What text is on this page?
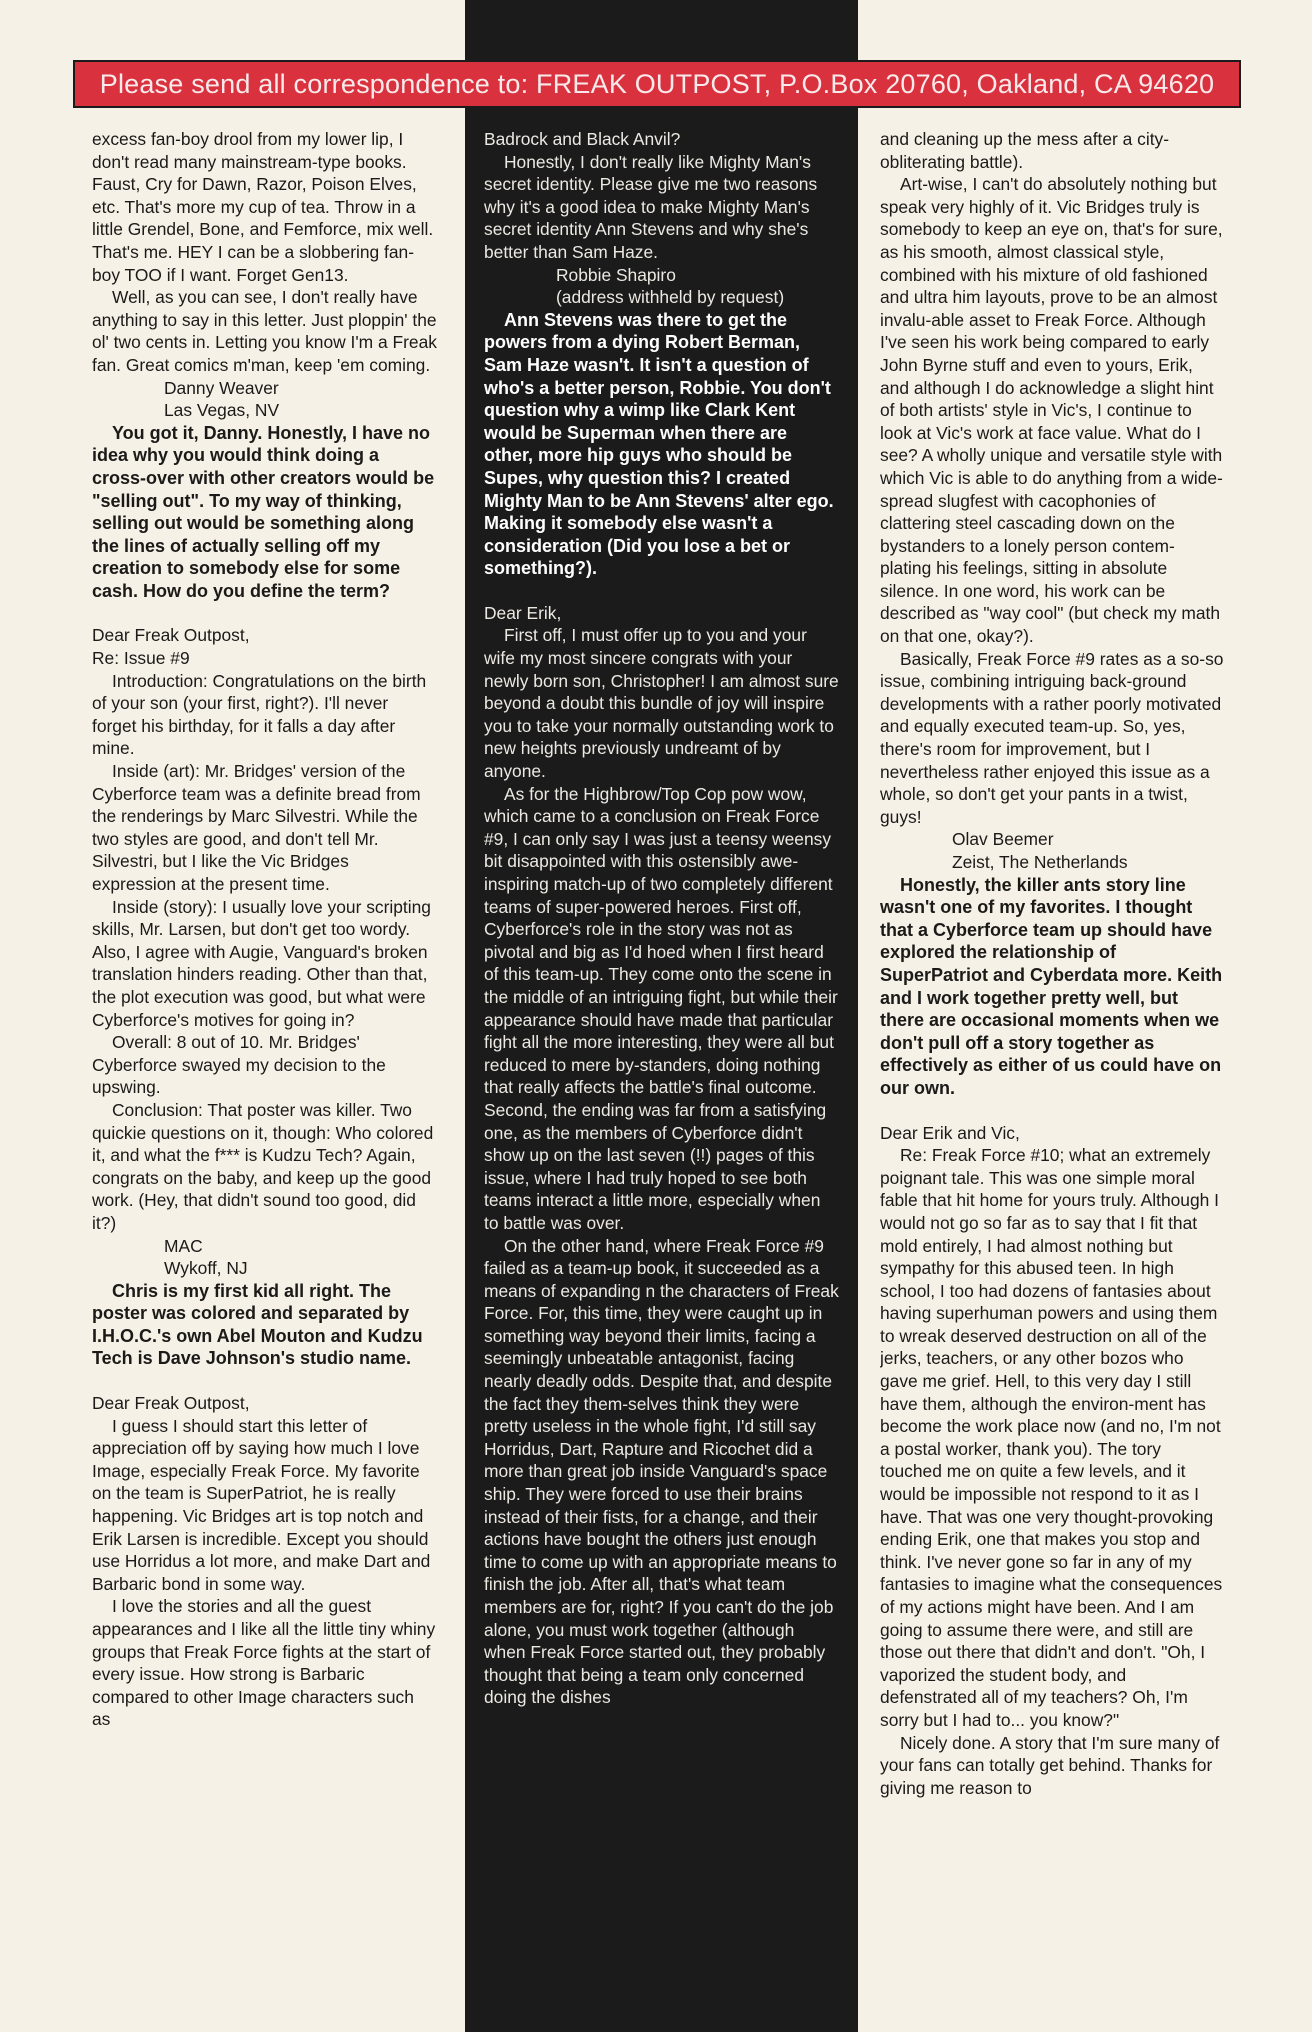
Please send all correspondence to: FREAK OUTPOST, P.O.Box 20760, Oakland, CA 94620

excess fan-boy drool from my lower lip, I don't read many mainstream-type books. Faust, Cry for Dawn, Razor, Poison Elves, etc. That's more my cup of tea. Throw in a little Grendel, Bone, and Femforce, mix well. That's me. HEY I can be a slobbering fan-boy TOO if I want. Forget Gen13.

Well, as you can see, I don't really have anything to say in this letter. Just ploppin' the ol' two cents in. Letting you know I'm a Freak fan. Great comics m'man, keep 'em coming.

Danny Weaver

Las Vegas, NV

You got it, Danny. Honestly, I have no idea why you would think doing a cross-over with other creators would be "selling out". To my way of thinking, selling out would be something along the lines of actually selling off my creation to somebody else for some cash. How do you define the term?

Dear Freak Outpost,

Re: Issue #9

Introduction: Congratulations on the birth of your son (your first, right?). I'll never forget his birthday, for it falls a day after mine.

Inside (art): Mr. Bridges' version of the Cyberforce team was a definite bread from the renderings by Marc Silvestri. While the two styles are good, and don't tell Mr. Silvestri, but I like the Vic Bridges expression at the present time.

Inside (story): I usually love your scripting skills, Mr. Larsen, but don't get too wordy. Also, I agree with Augie, Vanguard's broken translation hinders reading. Other than that, the plot execution was good, but what were Cyberforce's motives for going in?

Overall: 8 out of 10. Mr. Bridges' Cyberforce swayed my decision to the upswing.

Conclusion: That poster was killer. Two quickie questions on it, though: Who colored it, and what the f*** is Kudzu Tech? Again, congrats on the baby, and keep up the good work. (Hey, that didn't sound too good, did it?)

MAC

Wykoff, NJ

Chris is my first kid all right. The poster was colored and separated by I.H.O.C.'s own Abel Mouton and Kudzu Tech is Dave Johnson's studio name.

Dear Freak Outpost,

I guess I should start this letter of appreciation off by saying how much I love Image, especially Freak Force. My favorite on the team is SuperPatriot, he is really happening. Vic Bridges art is top notch and Erik Larsen is incredible. Except you should use Horridus a lot more, and make Dart and Barbaric bond in some way.

I love the stories and all the guest appearances and I like all the little tiny whiny groups that Freak Force fights at the start of every issue. How strong is Barbaric compared to other Image characters such as

Badrock and Black Anvil?

Honestly, I don't really like Mighty Man's secret identity. Please give me two reasons why it's a good idea to make Mighty Man's secret identity Ann Stevens and why she's better than Sam Haze.

Robbie Shapiro

(address withheld by request)

Ann Stevens was there to get the powers from a dying Robert Berman, Sam Haze wasn't. It isn't a question of who's a better person, Robbie. You don't question why a wimp like Clark Kent would be Superman when there are other, more hip guys who should be Supes, why question this? I created Mighty Man to be Ann Stevens' alter ego. Making it somebody else wasn't a consideration (Did you lose a bet or something?).

Dear Erik,

First off, I must offer up to you and your wife my most sincere congrats with your newly born son, Christopher! I am almost sure beyond a doubt this bundle of joy will inspire you to take your normally outstanding work to new heights previously undreamt of by anyone.

As for the Highbrow/Top Cop pow wow, which came to a conclusion on Freak Force #9, I can only say I was just a teensy weensy bit disappointed with this ostensibly awe-inspiring match-up of two completely different teams of super-powered heroes. First off, Cyberforce's role in the story was not as pivotal and big as I'd hoed when I first heard of this team-up. They come onto the scene in the middle of an intriguing fight, but while their appearance should have made that particular fight all the more interesting, they were all but reduced to mere by-standers, doing nothing that really affects the battle's final outcome. Second, the ending was far from a satisfying one, as the members of Cyberforce didn't show up on the last seven (!!) pages of this issue, where I had truly hoped to see both teams interact a little more, especially when to battle was over.

On the other hand, where Freak Force #9 failed as a team-up book, it succeeded as a means of expanding n the characters of Freak Force. For, this time, they were caught up in something way beyond their limits, facing a seemingly unbeatable antagonist, facing nearly deadly odds. Despite that, and despite the fact they them-selves think they were pretty useless in the whole fight, I'd still say Horridus, Dart, Rapture and Ricochet did a more than great job inside Vanguard's space ship. They were forced to use their brains instead of their fists, for a change, and their actions have bought the others just enough time to come up with an appropriate means to finish the job. After all, that's what team members are for, right? If you can't do the job alone, you must work together (although when Freak Force started out, they probably thought that being a team only concerned doing the dishes

and cleaning up the mess after a city-obliterating battle).

Art-wise, I can't do absolutely nothing but speak very highly of it. Vic Bridges truly is somebody to keep an eye on, that's for sure, as his smooth, almost classical style, combined with his mixture of old fashioned and ultra him layouts, prove to be an almost invalu-able asset to Freak Force. Although I've seen his work being compared to early John Byrne stuff and even to yours, Erik, and although I do acknowledge a slight hint of both artists' style in Vic's, I continue to look at Vic's work at face value. What do I see? A wholly unique and versatile style with which Vic is able to do anything from a wide-spread slugfest with cacophonies of clattering steel cascading down on the bystanders to a lonely person contem-plating his feelings, sitting in absolute silence. In one word, his work can be described as "way cool" (but check my math on that one, okay?).

Basically, Freak Force #9 rates as a so-so issue, combining intriguing back-ground developments with a rather poorly motivated and equally executed team-up. So, yes, there's room for improvement, but I nevertheless rather enjoyed this issue as a whole, so don't get your pants in a twist, guys!

Olav Beemer

Zeist, The Netherlands

Honestly, the killer ants story line wasn't one of my favorites. I thought that a Cyberforce team up should have explored the relationship of SuperPatriot and Cyberdata more. Keith and I work together pretty well, but there are occasional moments when we don't pull off a story together as effectively as either of us could have on our own.

Dear Erik and Vic,

Re: Freak Force #10; what an extremely poignant tale. This was one simple moral fable that hit home for yours truly. Although I would not go so far as to say that I fit that mold entirely, I had almost nothing but sympathy for this abused teen. In high school, I too had dozens of fantasies about having superhuman powers and using them to wreak deserved destruction on all of the jerks, teachers, or any other bozos who gave me grief. Hell, to this very day I still have them, although the environ-ment has become the work place now (and no, I'm not a postal worker, thank you). The tory touched me on quite a few levels, and it would be impossible not respond to it as I have. That was one very thought-provoking ending Erik, one that makes you stop and think. I've never gone so far in any of my fantasies to imagine what the consequences of my actions might have been. And I am going to assume there were, and still are those out there that didn't and don't. "Oh, I vaporized the student body, and defenstrated all of my teachers? Oh, I'm sorry but I had to... you know?"

Nicely done. A story that I'm sure many of your fans can totally get behind. Thanks for giving me reason to
